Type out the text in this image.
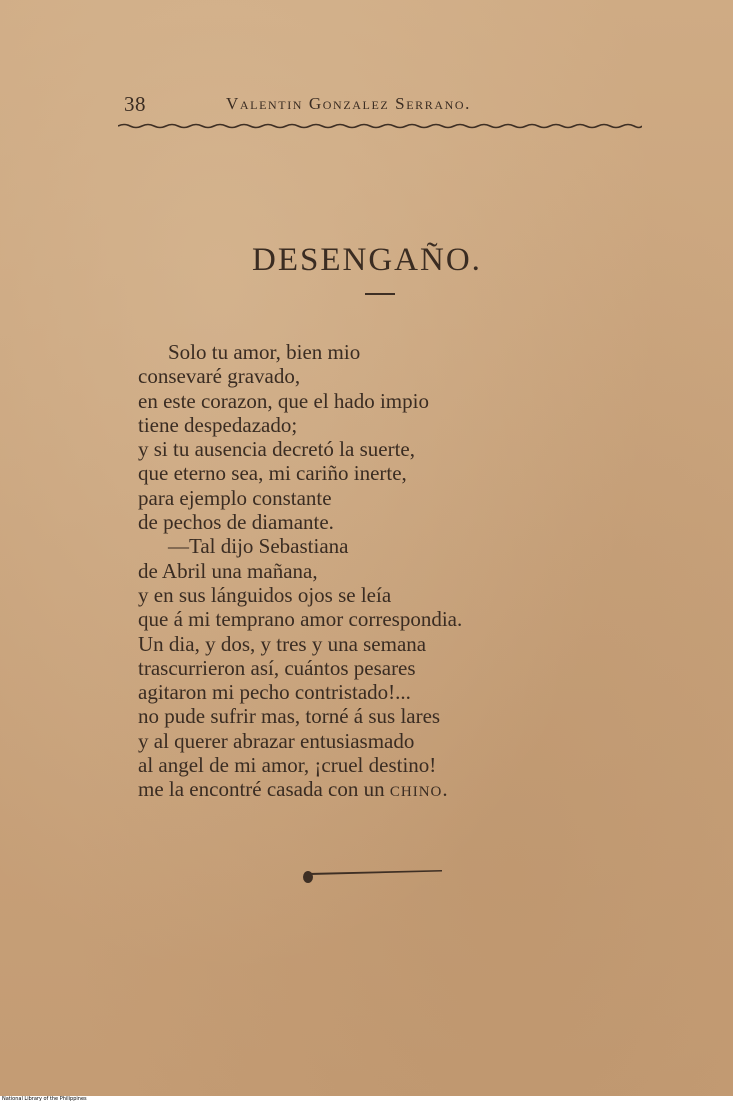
38	Valentin Gonzalez Serrano.
DESENGAÑO.
Solo tu amor, bien mio
consevaré gravado,
en este corazon, que el hado impio
tiene despedazado;
y si tu ausencia decretó la suerte,
que eterno sea, mi cariño inerte,
para ejemplo constante
de pechos de diamante.
—Tal dijo Sebastiana
de Abril una mañana,
y en sus lánguidos ojos se leía
que á mi temprano amor correspondia.
Un dia, y dos, y tres y una semana
trascurrieron así, cuántos pesares
agitaron mi pecho contristado!...
no pude sufrir mas, torné á sus lares
y al querer abrazar entusiasmado
al angel de mi amor, ¡cruel destino!
me la encontré casada con un chino.
National Library of the Philippines
